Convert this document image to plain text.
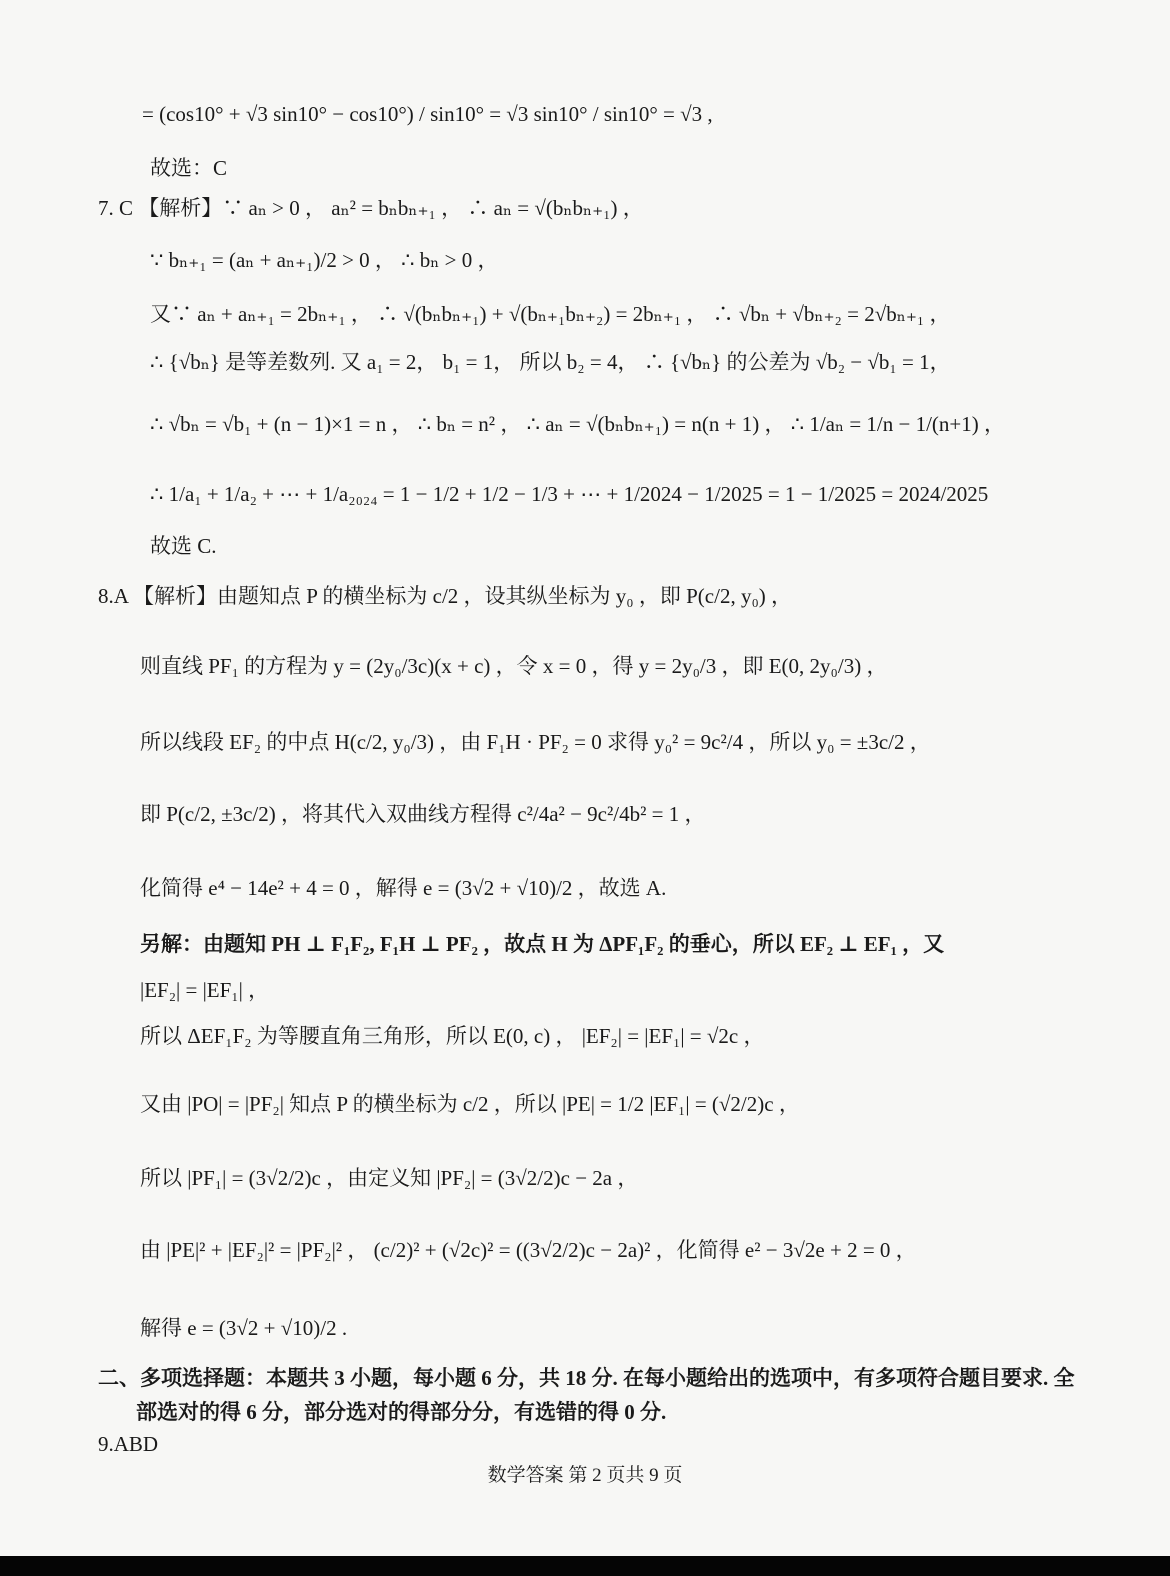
= (cos10° + √3 sin10° − cos10°) / sin10° = √3 sin10° / sin10° = √3 ,
故选：C
7. C 【解析】∵ aₙ > 0 ， aₙ² = bₙbₙ₊₁ ， ∴ aₙ = √(bₙbₙ₊₁) ，
∵ bₙ₊₁ = (aₙ + aₙ₊₁)/2 > 0 ， ∴ bₙ > 0 ，
又∵ aₙ + aₙ₊₁ = 2bₙ₊₁ ， ∴ √(bₙbₙ₊₁) + √(bₙ₊₁bₙ₊₂) = 2bₙ₊₁ ， ∴ √bₙ + √bₙ₊₂ = 2√bₙ₊₁ ，
∴ {√bₙ} 是等差数列. 又 a₁ = 2， b₁ = 1， 所以 b₂ = 4， ∴ {√bₙ} 的公差为 √b₂ − √b₁ = 1，
∴ √bₙ = √b₁ + (n − 1)×1 = n ， ∴ bₙ = n² ， ∴ aₙ = √(bₙbₙ₊₁) = n(n + 1) ， ∴ 1/aₙ = 1/n − 1/(n+1) ，
∴ 1/a₁ + 1/a₂ + ⋯ + 1/a₂₀₂₄ = 1 − 1/2 + 1/2 − 1/3 + ⋯ + 1/2024 − 1/2025 = 1 − 1/2025 = 2024/2025
故选 C.
8.A 【解析】由题知点 P 的横坐标为 c/2 ，设其纵坐标为 y₀ ，即 P(c/2, y₀) ，
则直线 PF₁ 的方程为 y = (2y₀/3c)(x + c) ，令 x = 0 ，得 y = 2y₀/3 ，即 E(0, 2y₀/3) ，
所以线段 EF₂ 的中点 H(c/2, y₀/3) ，由 F₁H · PF₂ = 0 求得 y₀² = 9c²/4 ，所以 y₀ = ±3c/2 ，
即 P(c/2, ±3c/2) ，将其代入双曲线方程得 c²/4a² − 9c²/4b² = 1 ，
化简得 e⁴ − 14e² + 4 = 0 ，解得 e = (3√2 + √10)/2 ，故选 A.
另解：由题知 PH ⊥ F₁F₂, F₁H ⊥ PF₂ ，故点 H 为 ΔPF₁F₂ 的垂心，所以 EF₂ ⊥ EF₁ ，又
|EF₂| = |EF₁| ，
所以 ΔEF₁F₂ 为等腰直角三角形，所以 E(0, c) ， |EF₂| = |EF₁| = √2c ，
又由 |PO| = |PF₂| 知点 P 的横坐标为 c/2 ，所以 |PE| = 1/2 |EF₁| = (√2/2)c ，
所以 |PF₁| = (3√2/2)c ，由定义知 |PF₂| = (3√2/2)c − 2a ，
由 |PE|² + |EF₂|² = |PF₂|² ， (c/2)² + (√2c)² = ((3√2/2)c − 2a)² ，化简得 e² − 3√2e + 2 = 0 ，
解得 e = (3√2 + √10)/2 .
二、多项选择题：本题共 3 小题，每小题 6 分，共 18 分. 在每小题给出的选项中，有多项符合题目要求. 全
部选对的得 6 分，部分选对的得部分分，有选错的得 0 分.
9.ABD
数学答案 第 2 页共 9 页
